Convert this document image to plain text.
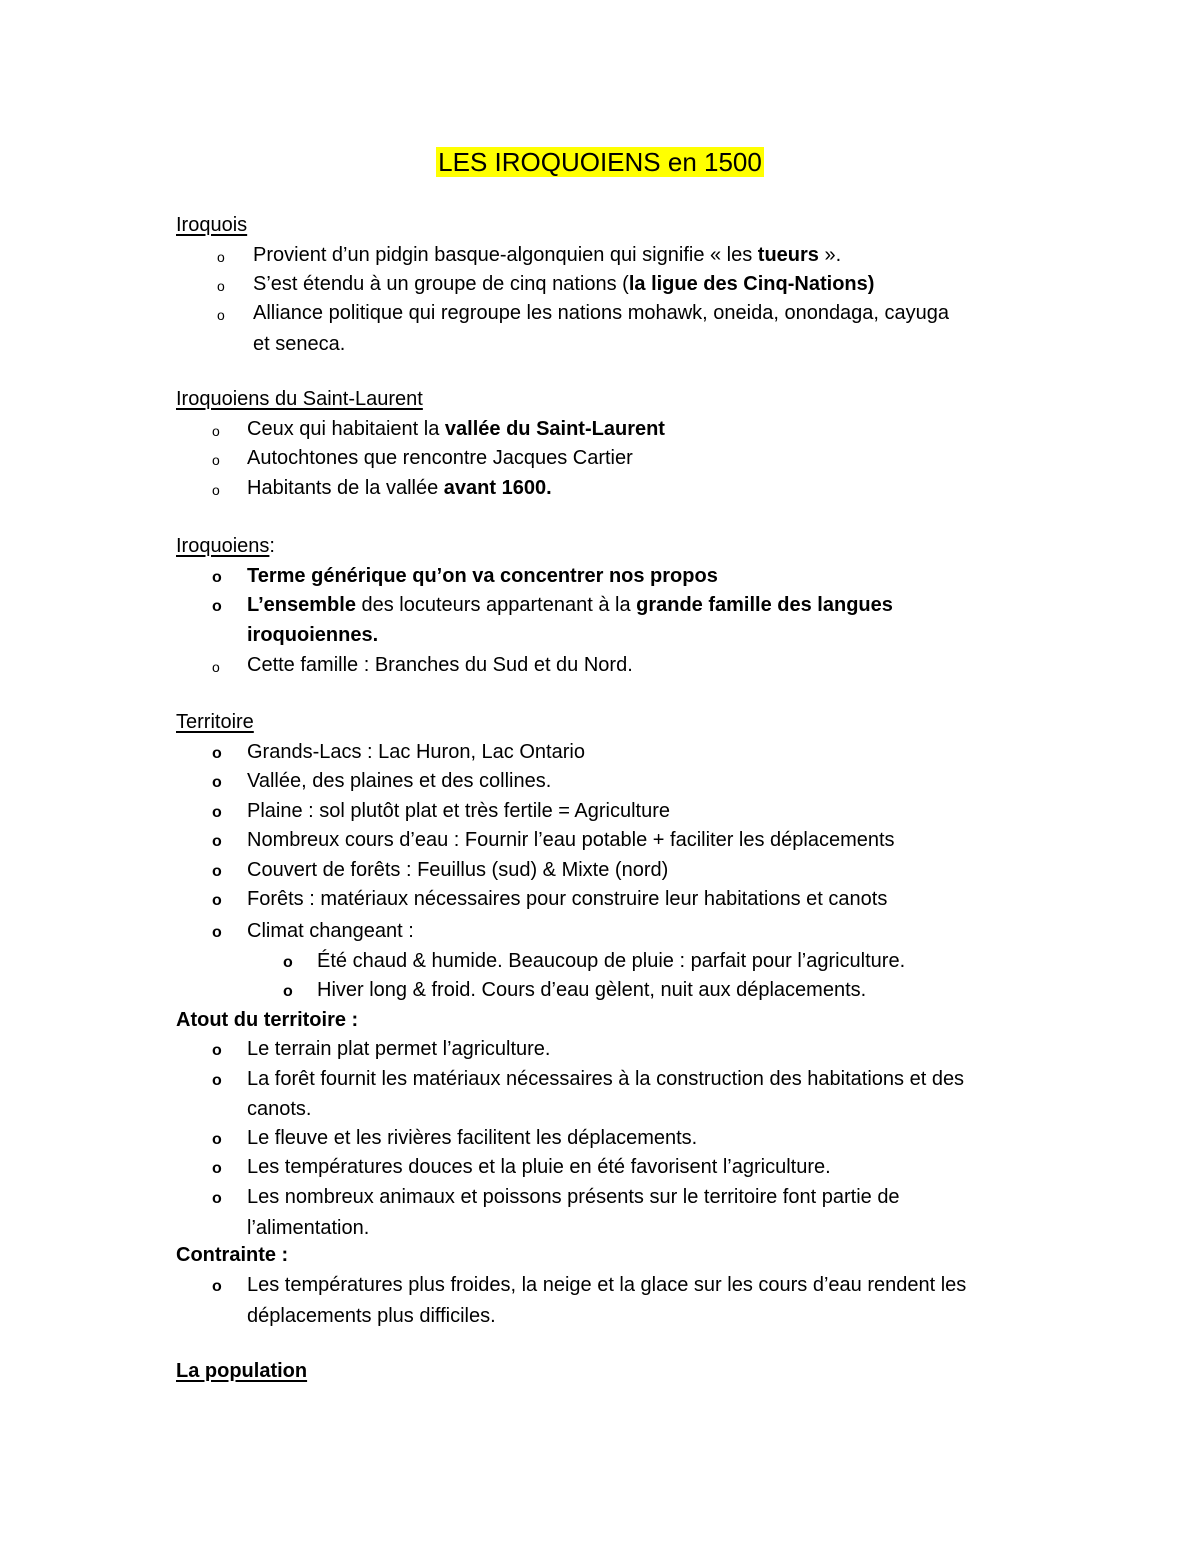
LES IROQUOIENS en 1500
Iroquois
o Provient d’un pidgin basque-algonquien qui signifie « les tueurs ».
o S’est étendu à un groupe de cinq nations (la ligue des Cinq-Nations)
o Alliance politique qui regroupe les nations mohawk, oneida, onondaga, cayuga
et seneca.
Iroquoiens du Saint-Laurent
o Ceux qui habitaient la vallée du Saint-Laurent
o Autochtones que rencontre Jacques Cartier
o Habitants de la vallée avant 1600.
Iroquoiens:
o Terme générique qu’on va concentrer nos propos
o L’ensemble des locuteurs appartenant à la grande famille des langues
iroquoiennes.
o Cette famille : Branches du Sud et du Nord.
Territoire
o Grands-Lacs : Lac Huron, Lac Ontario
o Vallée, des plaines et des collines.
o Plaine : sol plutôt plat et très fertile = Agriculture
o Nombreux cours d’eau : Fournir l’eau potable + faciliter les déplacements
o Couvert de forêts : Feuillus (sud) & Mixte (nord)
o Forêts : matériaux nécessaires pour construire leur habitations et canots
o Climat changeant :
o Été chaud & humide. Beaucoup de pluie : parfait pour l’agriculture.
o Hiver long & froid. Cours d’eau gèlent, nuit aux déplacements.
Atout du territoire :
o Le terrain plat permet l’agriculture.
o La forêt fournit les matériaux nécessaires à la construction des habitations et des
canots.
o Le fleuve et les rivières facilitent les déplacements.
o Les températures douces et la pluie en été favorisent l’agriculture.
o Les nombreux animaux et poissons présents sur le territoire font partie de
l’alimentation.
Contrainte :
o Les températures plus froides, la neige et la glace sur les cours d’eau rendent les
déplacements plus difficiles.
La population
